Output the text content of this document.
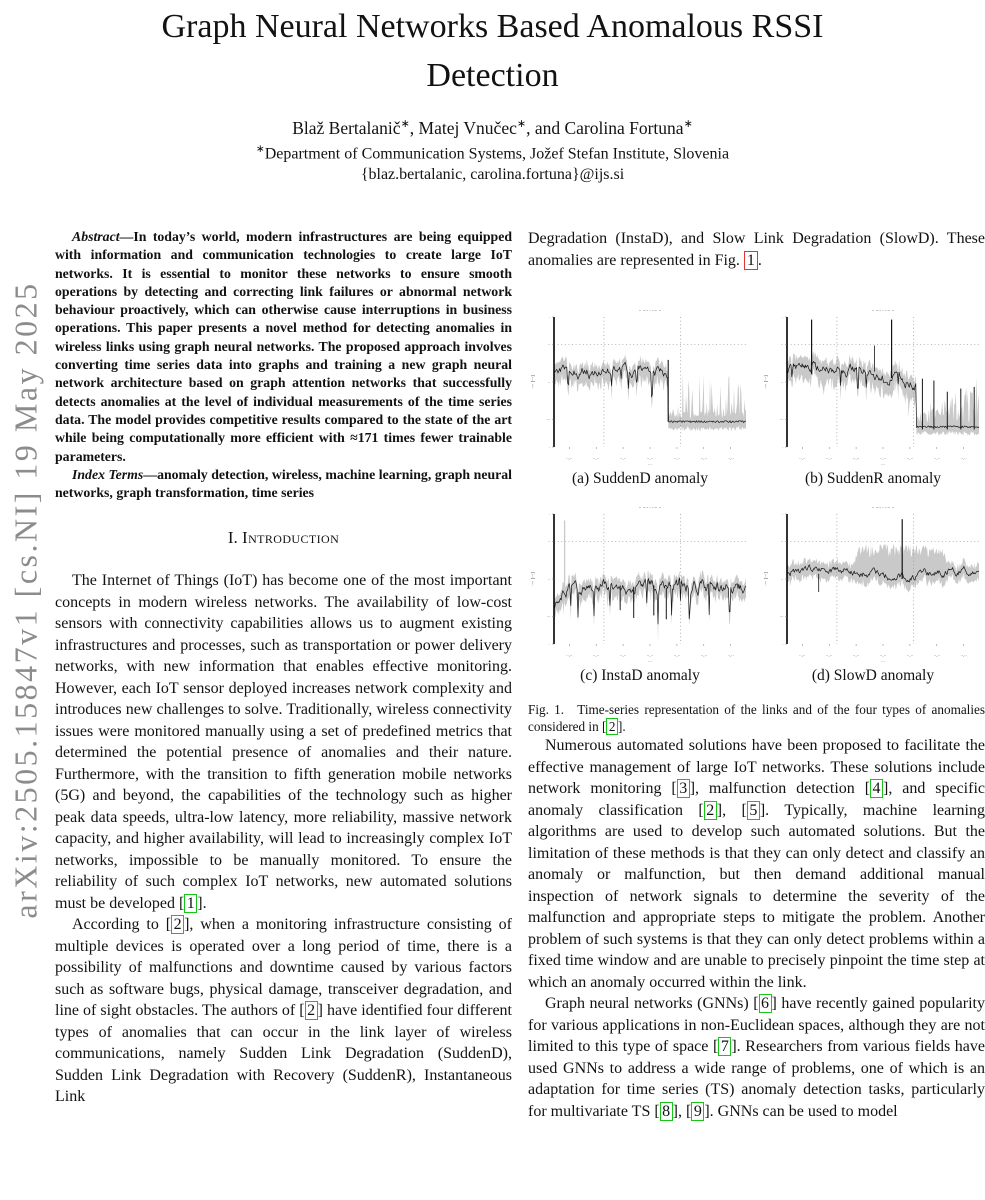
arXiv:2505.15847v1 [cs.NI] 19 May 2025
Graph Neural Networks Based Anomalous RSSI
Detection
Blaž Bertalanič∗, Matej Vnučec∗, and Carolina Fortuna∗
∗Department of Communication Systems, Jožef Stefan Institute, Slovenia
{blaz.bertalanic, carolina.fortuna}@ijs.si

Abstract—In today’s world, modern infrastructures are being equipped with information and communication technologies to create large IoT networks. It is essential to monitor these networks to ensure smooth operations by detecting and correcting link failures or abnormal network behaviour proactively, which can otherwise cause interruptions in business operations. This paper presents a novel method for detecting anomalies in wireless links using graph neural networks. The proposed approach involves converting time series data into graphs and training a new graph neural network architecture based on graph attention networks that successfully detects anomalies at the level of individual measurements of the time series data. The model provides competitive results compared to the state of the art while being computationally more efficient with ≈171 times fewer trainable parameters.

Index Terms—anomaly detection, wireless, machine learning, graph neural networks, graph transformation, time series

I. Introduction

The Internet of Things (IoT) has become one of the most important concepts in modern wireless networks. The availability of low-cost sensors with connectivity capabilities allows us to augment existing infrastructures and processes, such as transportation or power delivery networks, with new information that enables effective monitoring. However, each IoT sensor deployed increases network complexity and introduces new challenges to solve. Traditionally, wireless connectivity issues were monitored manually using a set of predefined metrics that determined the potential presence of anomalies and their nature. Furthermore, with the transition to fifth generation mobile networks (5G) and beyond, the capabilities of the technology such as higher peak data speeds, ultra-low latency, more reliability, massive network capacity, and higher availability, will lead to increasingly complex IoT networks, impossible to be manually monitored. To ensure the reliability of such complex IoT networks, new automated solutions must be developed [ 1 ].

According to [ 2 ], when a monitoring infrastructure consisting of multiple devices is operated over a long period of time, there is a possibility of malfunctions and downtime caused by various factors such as software bugs, physical damage, transceiver degradation, and line of sight obstacles. The authors of [ 2 ] have identified four different types of anomalies that can occur in the link layer of wireless communications, namely Sudden Link Degradation (SuddenD), Sudden Link Degradation with Recovery (SuddenR), Instantaneous Link

Degradation (InstaD), and Slow Link Degradation (SlowD). These anomalies are represented in Fig. 1 .

·· ···· · ···· ··
···· [···]
·
··
··
···
·
··-··	··-··	··-··	··-··	··-··	··-··	··-··
···
(a) SuddenD anomaly
·· ···· · ···· ··
···· [···]
·
··
··
···
·
··-··	··-··	··-··	··-··	··-··	··-··	··-··
···
(b) SuddenR anomaly
·· ···· · ···· ··
···· [···]
·
··
··
···
·
··-··	··-··	··-··	··-··	··-··	··-··	··-··
···
(c) InstaD anomaly
·· ···· · ···· ··
···· [···]
·
··
··
···
·
··-··	··-··	··-··	··-··	··-··	··-··	··-··
···
(d) SlowD anomaly

Fig. 1.  Time-series representation of the links and of the four types of anomalies considered in [ 2 ].

Numerous automated solutions have been proposed to facilitate the effective management of large IoT networks. These solutions include network monitoring [ 3 ], malfunction detection [ 4 ], and specific anomaly classification [ 2 ], [ 5 ]. Typically, machine learning algorithms are used to develop such automated solutions. But the limitation of these methods is that they can only detect and classify an anomaly or malfunction, but then demand additional manual inspection of network signals to determine the severity of the malfunction and appropriate steps to mitigate the problem. Another problem of such systems is that they can only detect problems within a fixed time window and are unable to precisely pinpoint the time step at which an anomaly occurred within the link.

Graph neural networks (GNNs) [ 6 ] have recently gained popularity for various applications in non-Euclidean spaces, although they are not limited to this type of space [ 7 ]. Researchers from various fields have used GNNs to address a wide range of problems, one of which is an adaptation for time series (TS) anomaly detection tasks, particularly for multivariate TS [ 8 ], [ 9 ]. GNNs can be used to model
